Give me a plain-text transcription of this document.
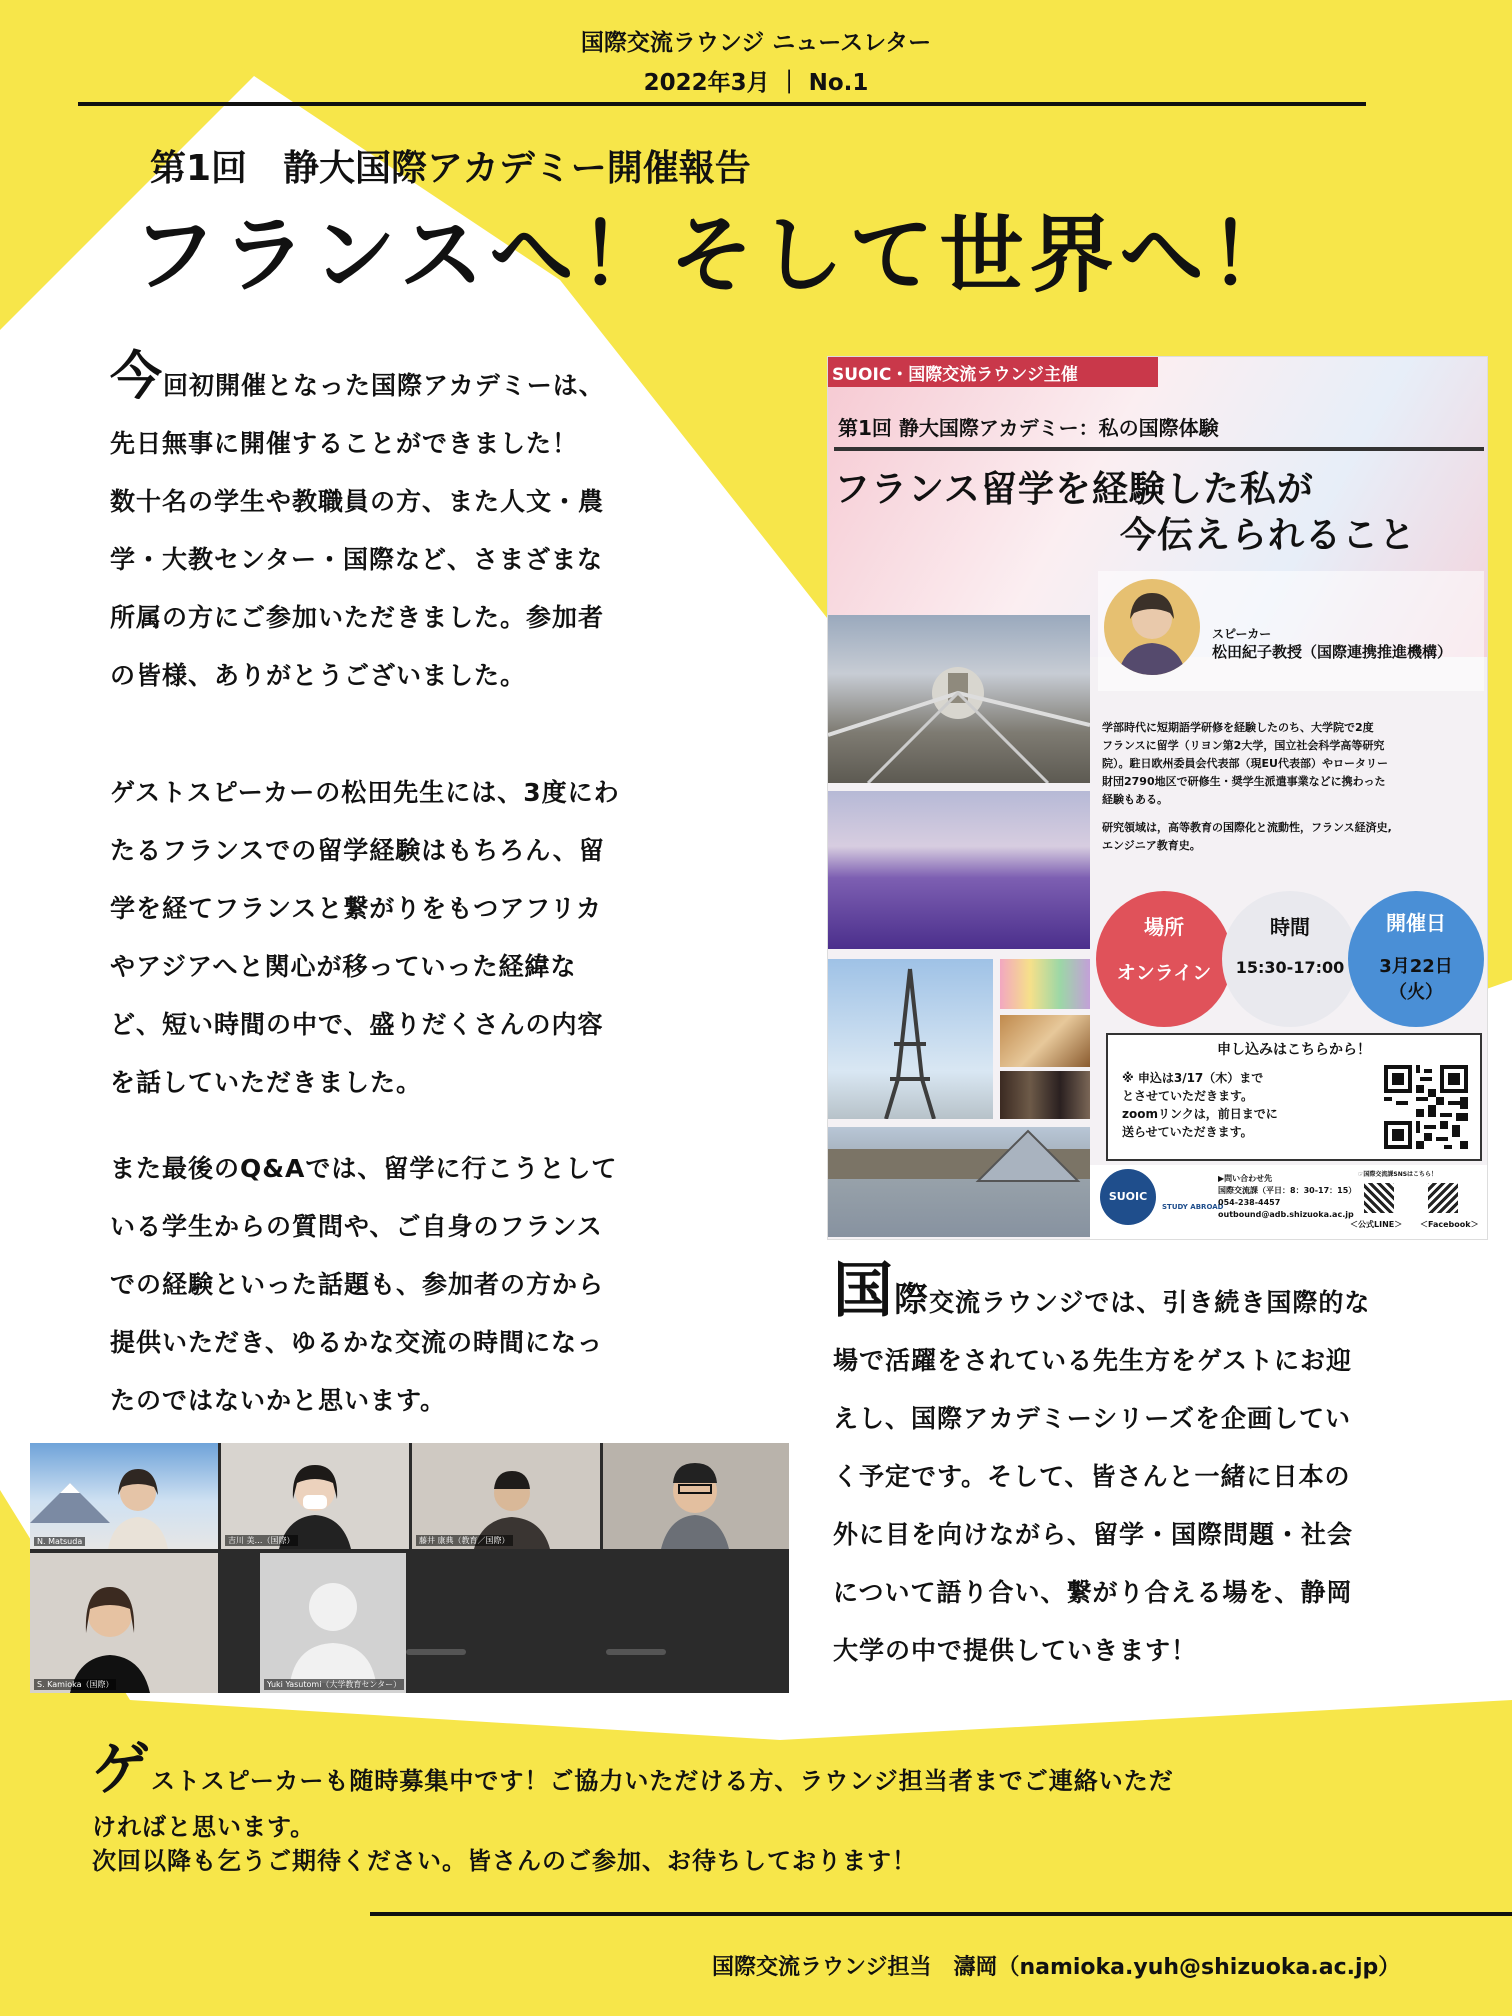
国際交流ラウンジ ニュースレター
2022年3月 ｜ No.1
第1回　静大国際アカデミー開催報告
フランスへ！そして世界へ！
今回初開催となった国際アカデミーは、
先日無事に開催することができました！
数十名の学生や教職員の方、また人文・農
学・大教センター・国際など、さまざまな
所属の方にご参加いただきました。参加者
の皆様、ありがとうございました。
ゲストスピーカーの松田先生には、3度にわ
たるフランスでの留学経験はもちろん、留
学を経てフランスと繋がりをもつアフリカ
やアジアへと関心が移っていった経緯な
ど、短い時間の中で、盛りだくさんの内容
を話していただきました。
また最後のQ&Aでは、留学に行こうとして
いる学生からの質問や、ご自身のフランス
での経験といった話題も、参加者の方から
提供いただき、ゆるかな交流の時間になっ
たのではないかと思います。
SUOIC・国際交流ラウンジ主催
第1回 静大国際アカデミー：私の国際体験
フランス留学を経験した私が
今伝えられること
スピーカー
松田紀子教授（国際連携推進機構）
学部時代に短期語学研修を経験したのち、大学院で2度
フランスに留学（リヨン第2大学，国立社会科学高等研究
院）。駐日欧州委員会代表部（現EU代表部）やロータリー
財団2790地区で研修生・奨学生派遣事業などに携わった
経験もある。
研究領域は，高等教育の国際化と流動性，フランス経済史,
エンジニア教育史。
場所
オンライン
時間
15:30-17:00
開催日
3月22日
（火）
申し込みはこちらから！
※ 申込は3/17（木）まで
とさせていただきます。
zoomリンクは，前日までに
送らせていただきます。
SUOIC
STUDY ABROAD
▶問い合わせ先
国際交流課（平日：8：30-17：15）
054-238-4457
outbound@adb.shizuoka.ac.jp
☞国際交流課SNSはこちら！
＜公式LINE＞ ＜Facebook＞
国際交流ラウンジでは、引き続き国際的な
場で活躍をされている先生方をゲストにお迎
えし、国際アカデミーシリーズを企画してい
く予定です。そして、皆さんと一緒に日本の
外に目を向けながら、留学・国際問題・社会
について語り合い、繋がり合える場を、静岡
大学の中で提供していきます！
N. Matsuda	吉川 美…（国際）	藤井 康典（教育／国際）
S. Kamioka（国際）	Yuki Yasutomi（大学教育センター）
ゲストスピーカーも随時募集中です！ご協力いただける方、ラウンジ担当者までご連絡いただ
ければと思います。
次回以降も乞うご期待ください。皆さんのご参加、お待ちしております！
国際交流ラウンジ担当　濤岡（namioka.yuh@shizuoka.ac.jp）
